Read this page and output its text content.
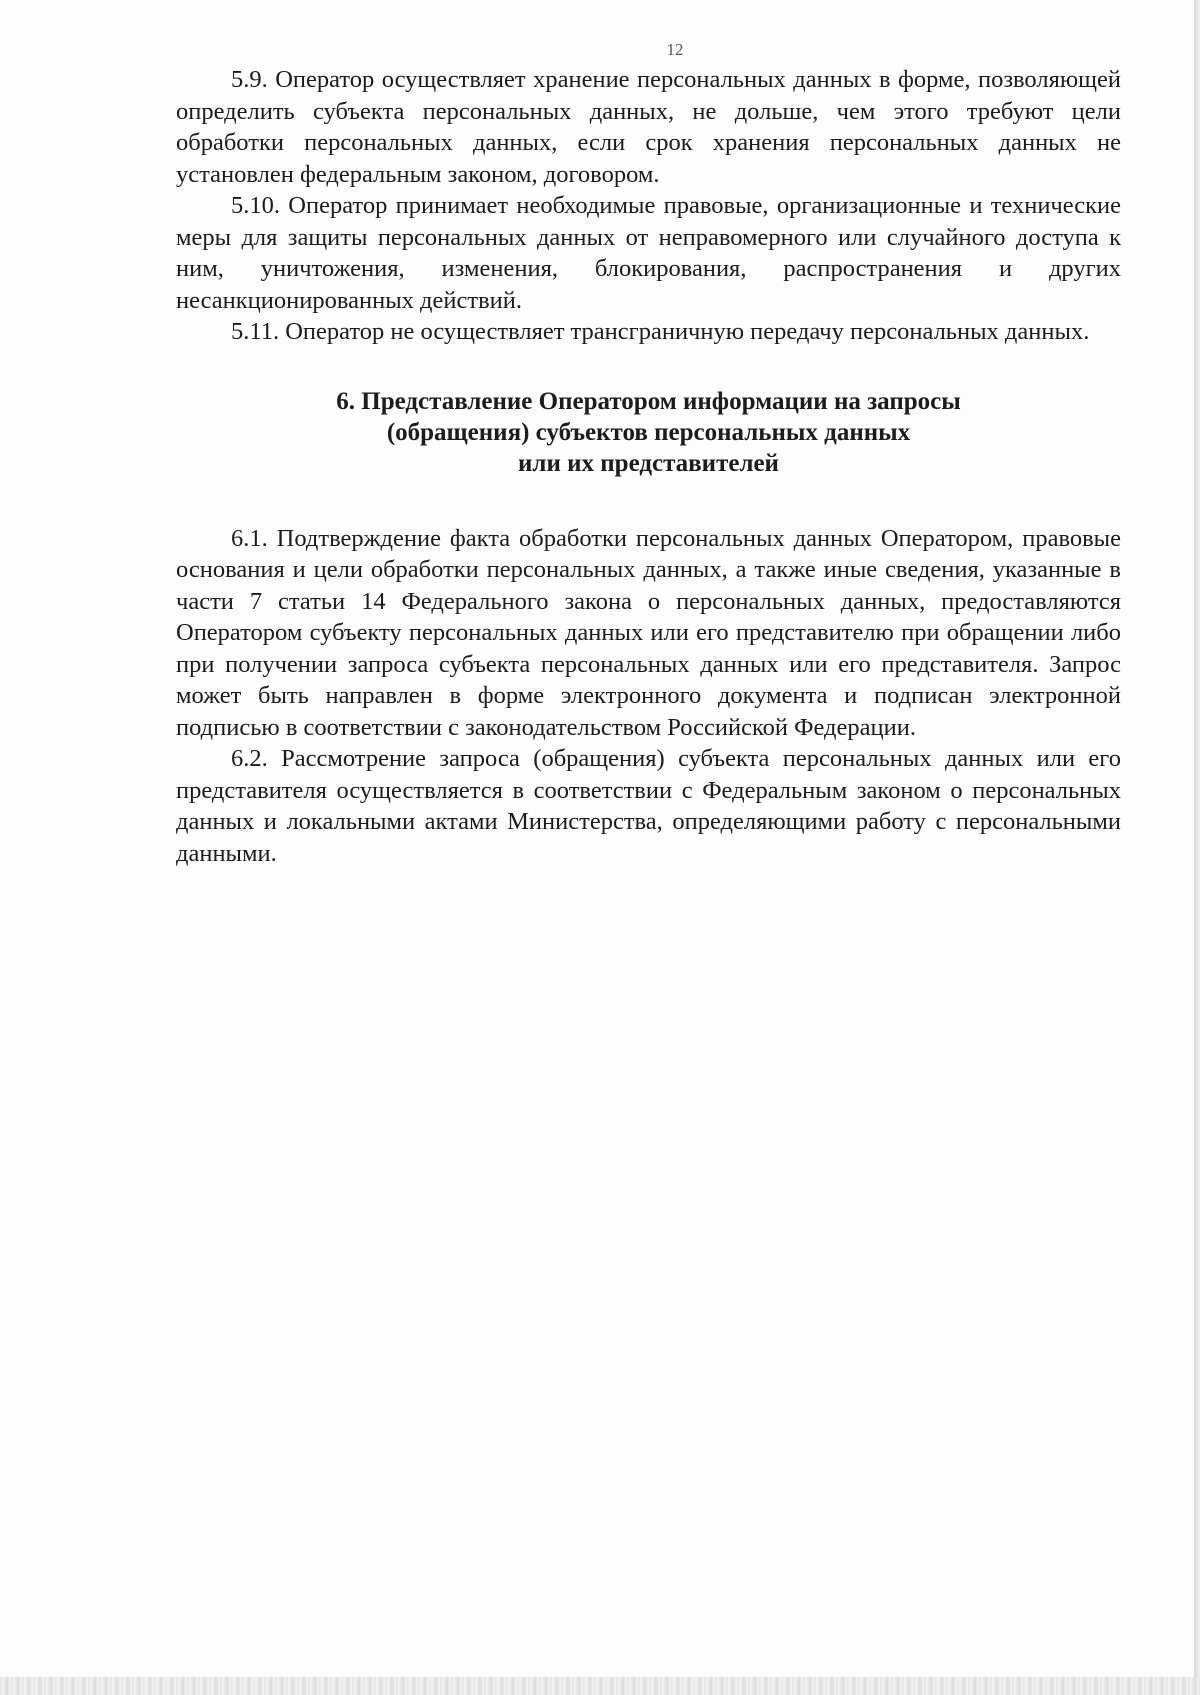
12

5.9. Оператор осуществляет хранение персональных данных в форме, позволяющей определить субъекта персональных данных, не дольше, чем этого требуют цели обработки персональных данных, если срок хранения персональных данных не установлен федеральным законом, договором.

5.10. Оператор принимает необходимые правовые, организационные и технические меры для защиты персональных данных от неправомерного или случайного доступа к ним, уничтожения, изменения, блокирования, распространения и других несанкционированных действий.

5.11. Оператор не осуществляет трансграничную передачу персональных данных.

6. Представление Оператором информации на запросы
(обращения) субъектов персональных данных
или их представителей

6.1. Подтверждение факта обработки персональных данных Оператором, правовые основания и цели обработки персональных данных, а также иные сведения, указанные в части 7 статьи 14 Федерального закона о персональных данных, предоставляются Оператором субъекту персональных данных или его представителю при обращении либо при получении запроса субъекта персональных данных или его представителя. Запрос может быть направлен в форме электронного документа и подписан электронной подписью в соответствии с законодательством Российской Федерации.

6.2. Рассмотрение запроса (обращения) субъекта персональных данных или его представителя осуществляется в соответствии с Федеральным законом о персональных данных и локальными актами Министерства, определяющими работу с персональными данными.
